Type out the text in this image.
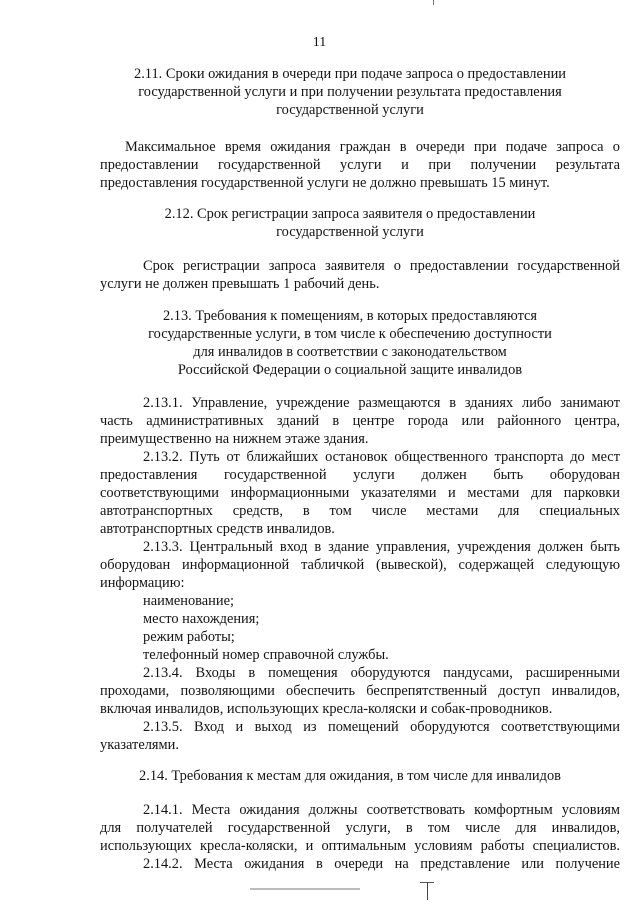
11
2.11. Сроки ожидания в очереди при подаче запроса о предоставлении
государственной услуги и при получении результата предоставления
государственной услуги
Максимальное время ожидания граждан в очереди при подаче запроса о
предоставлении государственной услуги и при получении результата
предоставления государственной услуги не должно превышать 15 минут.
2.12. Срок регистрации запроса заявителя о предоставлении
государственной услуги
Срок регистрации запроса заявителя о предоставлении государственной
услуги не должен превышать 1 рабочий день.
2.13. Требования к помещениям, в которых предоставляются
государственные услуги, в том числе к обеспечению доступности
для инвалидов в соответствии с законодательством
Российской Федерации о социальной защите инвалидов
2.13.1. Управление, учреждение размещаются в зданиях либо занимают
часть административных зданий в центре города или районного центра,
преимущественно на нижнем этаже здания.
2.13.2. Путь от ближайших остановок общественного транспорта до мест
предоставления государственной услуги должен быть оборудован
соответствующими информационными указателями и местами для парковки
автотранспортных средств, в том числе местами для специальных
автотранспортных средств инвалидов.
2.13.3. Центральный вход в здание управления, учреждения должен быть
оборудован информационной табличкой (вывеской), содержащей следующую
информацию:
наименование;
место нахождения;
режим работы;
телефонный номер справочной службы.
2.13.4. Входы в помещения оборудуются пандусами, расширенными
проходами, позволяющими обеспечить беспрепятственный доступ инвалидов,
включая инвалидов, использующих кресла-коляски и собак-проводников.
2.13.5. Вход и выход из помещений оборудуются соответствующими
указателями.
2.14. Требования к местам для ожидания, в том числе для инвалидов
2.14.1. Места ожидания должны соответствовать комфортным условиям
для получателей государственной услуги, в том числе для инвалидов,
использующих кресла-коляски, и оптимальным условиям работы специалистов.
2.14.2. Места ожидания в очереди на представление или получение
